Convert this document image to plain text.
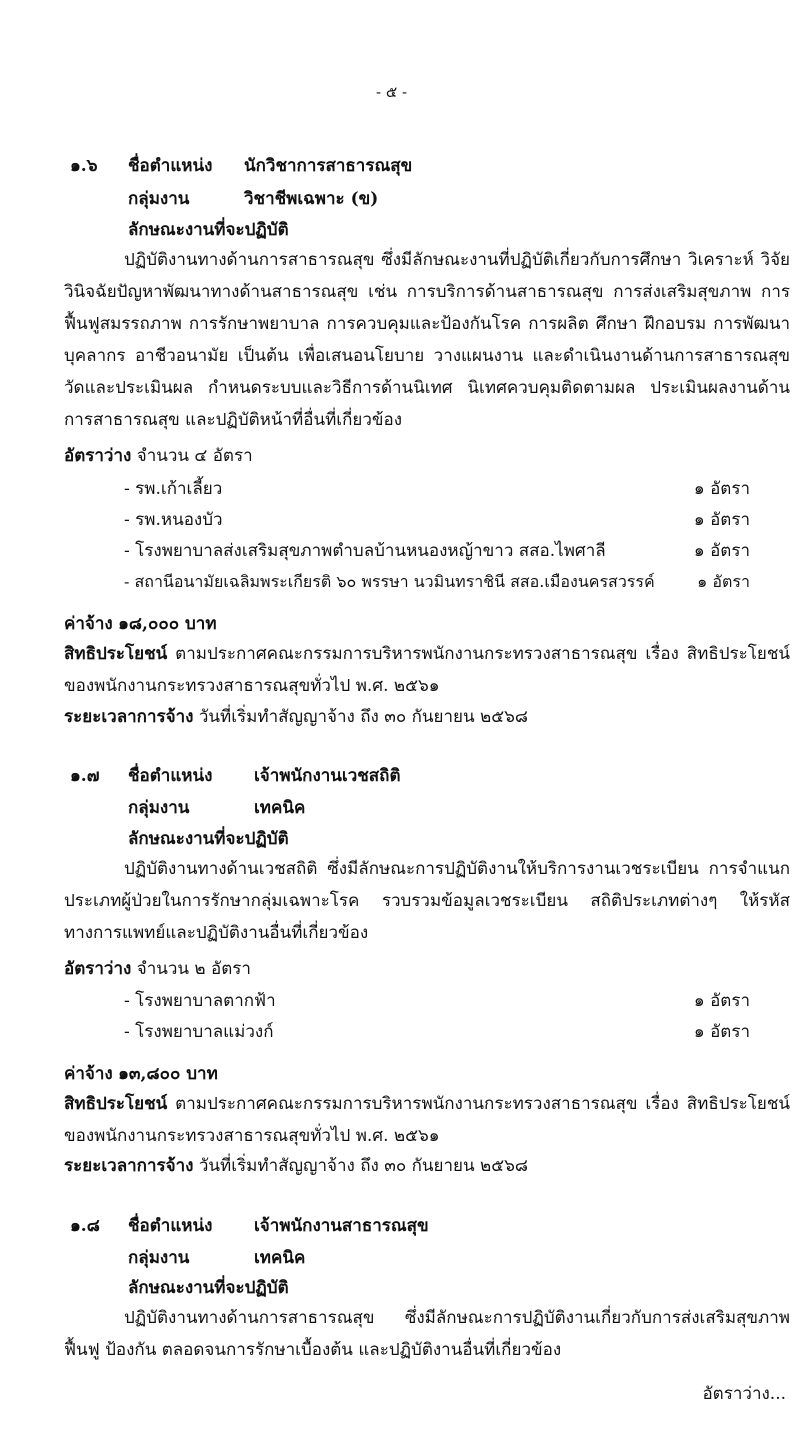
- ๕ -
๑.๖ ชื่อตำแหน่ง นักวิชาการสาธารณสุข
กลุ่มงาน	วิชาชีพเฉพาะ (ข)
ลักษณะงานที่จะปฏิบัติ
ปฏิบัติงานทางด้านการสาธารณสุข ซึ่งมีลักษณะงานที่ปฏิบัติเกี่ยวกับการศึกษา วิเคราะห์ วิจัย วินิจฉัยปัญหาพัฒนาทางด้านสาธารณสุข เช่น การบริการด้านสาธารณสุข การส่งเสริมสุขภาพ การฟื้นฟูสมรรถภาพ การรักษาพยาบาล การควบคุมและป้องกันโรค การผลิต ศึกษา ฝึกอบรม การพัฒนาบุคลากร อาชีวอนามัย เป็นต้น เพื่อเสนอนโยบาย วางแผนงาน และดำเนินงานด้านการสาธารณสุขวัดและประเมินผล กำหนดระบบและวิธีการด้านนิเทศ นิเทศควบคุมติดตามผล ประเมินผลงานด้าน การสาธารณสุข และปฏิบัติหน้าที่อื่นที่เกี่ยวข้อง
อัตราว่าง จำนวน ๔ อัตรา
- รพ.เก้าเลี้ยว	๑ อัตรา
- รพ.หนองบัว	๑ อัตรา
- โรงพยาบาลส่งเสริมสุขภาพตำบลบ้านหนองหญ้าขาว สสอ.ไพศาลี	๑ อัตรา
- สถานีอนามัยเฉลิมพระเกียรติ ๖๐ พรรษา นวมินทราชินี สสอ.เมืองนครสวรรค์	๑ อัตรา
ค่าจ้าง ๑๘,๐๐๐ บาท
สิทธิประโยชน์ ตามประกาศคณะกรรมการบริหารพนักงานกระทรวงสาธารณสุข เรื่อง สิทธิประโยชน์ของพนักงานกระทรวงสาธารณสุขทั่วไป พ.ศ. ๒๕๖๑
ระยะเวลาการจ้าง วันที่เริ่มทำสัญญาจ้าง ถึง ๓๐ กันยายน ๒๕๖๘
๑.๗ ชื่อตำแหน่ง เจ้าพนักงานเวชสถิติ
กลุ่มงาน	เทคนิค
ลักษณะงานที่จะปฏิบัติ
ปฏิบัติงานทางด้านเวชสถิติ ซึ่งมีลักษณะการปฏิบัติงานให้บริการงานเวชระเบียน การจำแนกประเภทผู้ป่วยในการรักษากลุ่มเฉพาะโรค รวบรวมข้อมูลเวชระเบียน สถิติประเภทต่างๆ ให้รหัสทางการแพทย์และปฏิบัติงานอื่นที่เกี่ยวข้อง
อัตราว่าง จำนวน ๒ อัตรา
- โรงพยาบาลตากฟ้า	๑ อัตรา
- โรงพยาบาลแม่วงก์	๑ อัตรา
ค่าจ้าง ๑๓,๘๐๐ บาท
สิทธิประโยชน์ ตามประกาศคณะกรรมการบริหารพนักงานกระทรวงสาธารณสุข เรื่อง สิทธิประโยชน์ของพนักงานกระทรวงสาธารณสุขทั่วไป พ.ศ. ๒๕๖๑
ระยะเวลาการจ้าง วันที่เริ่มทำสัญญาจ้าง ถึง ๓๐ กันยายน ๒๕๖๘
๑.๘ ชื่อตำแหน่ง เจ้าพนักงานสาธารณสุข
กลุ่มงาน	เทคนิค
ลักษณะงานที่จะปฏิบัติ
ปฏิบัติงานทางด้านการสาธารณสุข ซึ่งมีลักษณะการปฏิบัติงานเกี่ยวกับการส่งเสริมสุขภาพ ฟื้นฟู ป้องกัน ตลอดจนการรักษาเบื้องต้น และปฏิบัติงานอื่นที่เกี่ยวข้อง
อัตราว่าง...
